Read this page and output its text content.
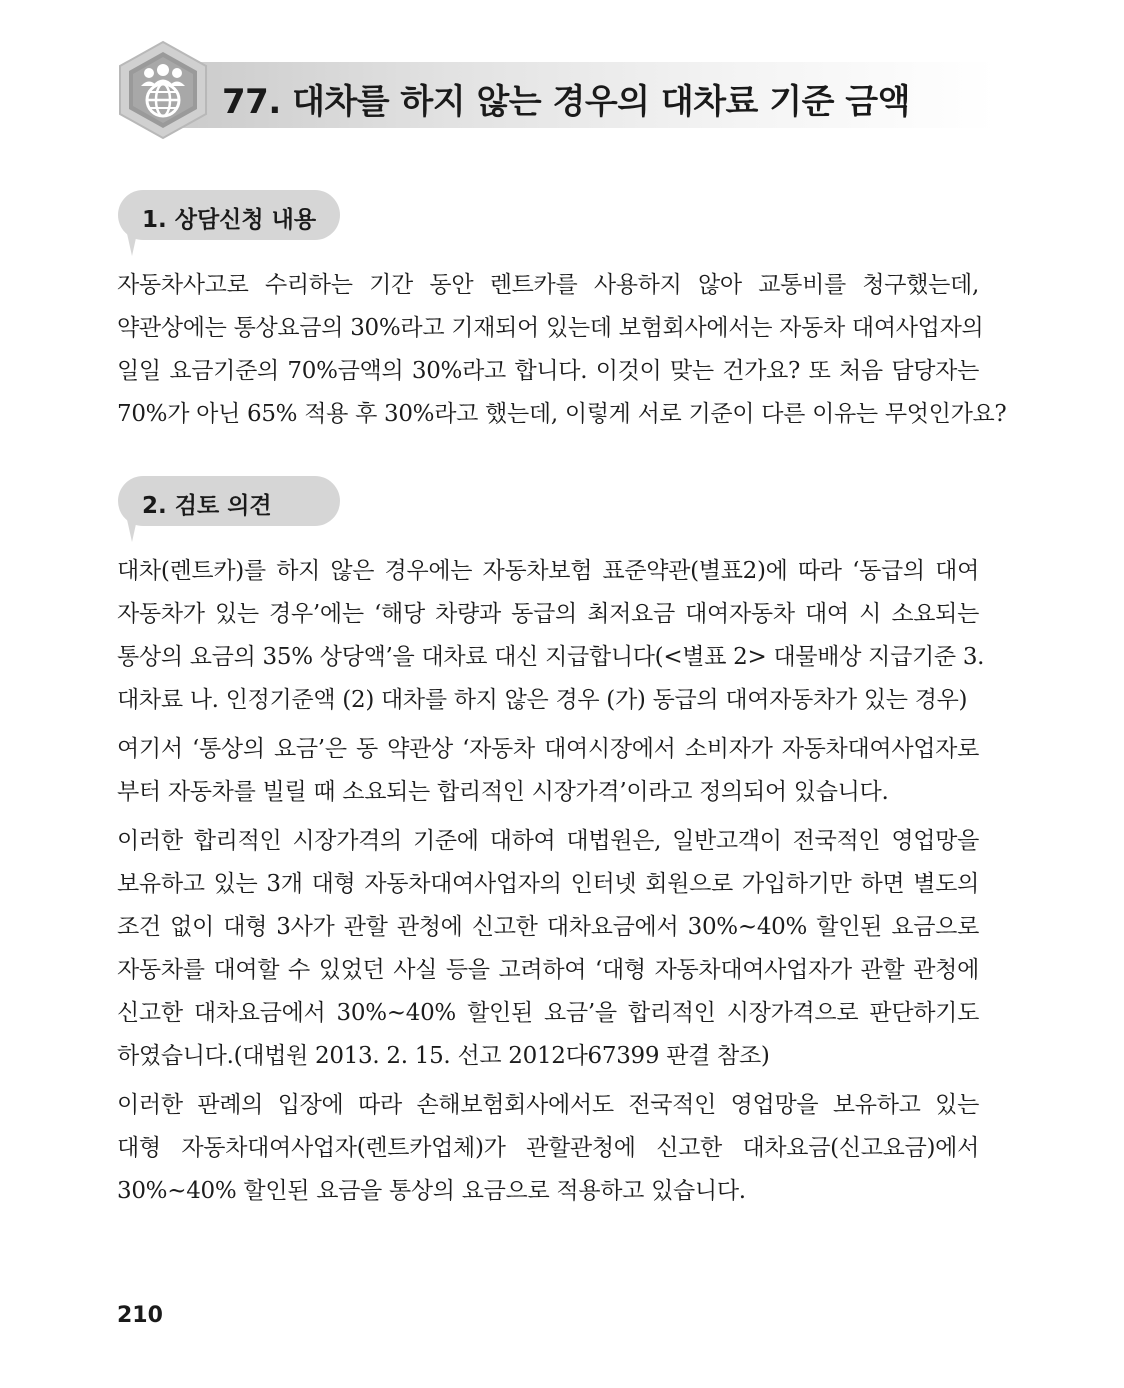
77. 대차를 하지 않는 경우의 대차료 기준 금액
1. 상담신청 내용
자동차사고로 수리하는 기간 동안 렌트카를 사용하지 않아 교통비를 청구했는데,
약관상에는 통상요금의 30%라고 기재되어 있는데 보험회사에서는 자동차 대여사업자의
일일 요금기준의 70%금액의 30%라고 합니다. 이것이 맞는 건가요? 또 처음 담당자는
70%가 아닌 65% 적용 후 30%라고 했는데, 이렇게 서로 기준이 다른 이유는 무엇인가요?
2. 검토 의견
대차(렌트카)를 하지 않은 경우에는 자동차보험 표준약관(별표2)에 따라 ‘동급의 대여
자동차가 있는 경우’에는 ‘해당 차량과 동급의 최저요금 대여자동차 대여 시 소요되는
통상의 요금의 35% 상당액’을 대차료 대신 지급합니다(<별표 2> 대물배상 지급기준 3.
대차료 나. 인정기준액 (2) 대차를 하지 않은 경우 (가) 동급의 대여자동차가 있는 경우)
여기서 ‘통상의 요금’은 동 약관상 ‘자동차 대여시장에서 소비자가 자동차대여사업자로
부터 자동차를 빌릴 때 소요되는 합리적인 시장가격’이라고 정의되어 있습니다.
이러한 합리적인 시장가격의 기준에 대하여 대법원은, 일반고객이 전국적인 영업망을
보유하고 있는 3개 대형 자동차대여사업자의 인터넷 회원으로 가입하기만 하면 별도의
조건 없이 대형 3사가 관할 관청에 신고한 대차요금에서 30%~40% 할인된 요금으로
자동차를 대여할 수 있었던 사실 등을 고려하여 ‘대형 자동차대여사업자가 관할 관청에
신고한 대차요금에서 30%~40% 할인된 요금’을 합리적인 시장가격으로 판단하기도
하였습니다.(대법원 2013. 2. 15. 선고 2012다67399 판결 참조)
이러한 판례의 입장에 따라 손해보험회사에서도 전국적인 영업망을 보유하고 있는
대형 자동차대여사업자(렌트카업체)가 관할관청에 신고한 대차요금(신고요금)에서
30%~40% 할인된 요금을 통상의 요금으로 적용하고 있습니다.
210
